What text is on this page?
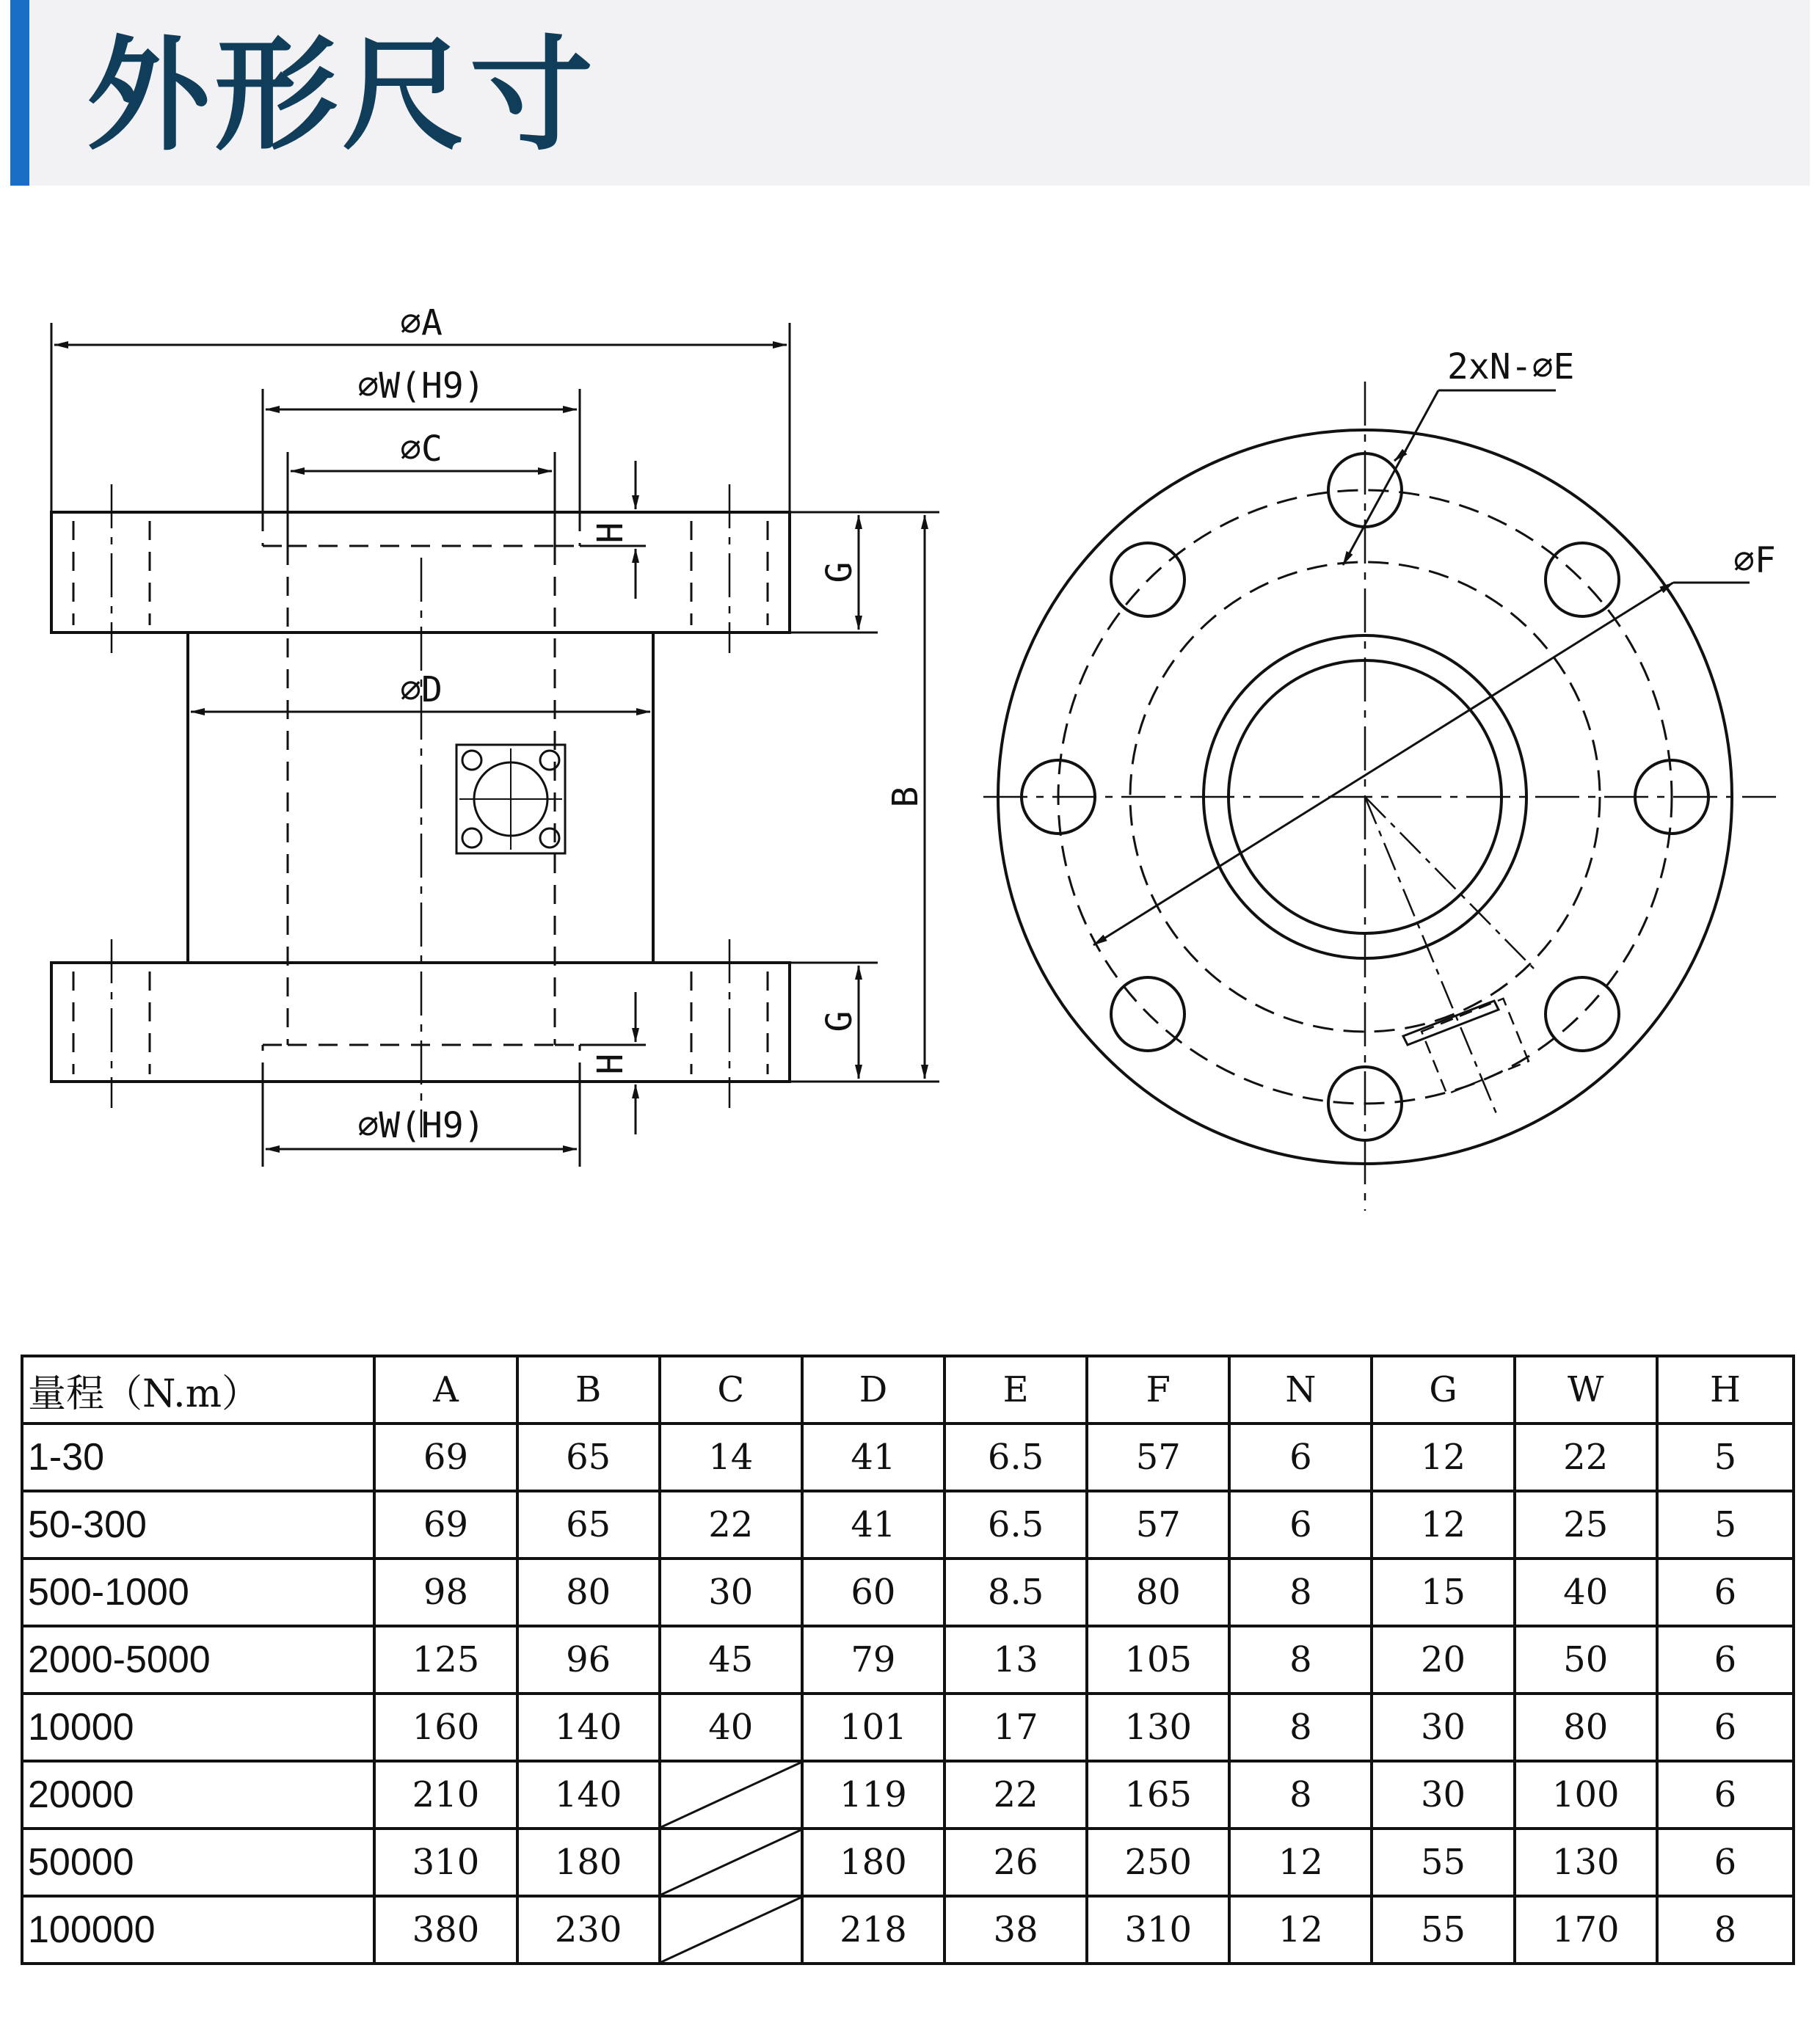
外形尺寸
⌀A
⌀W(H9)
⌀C
⌀D
⌀W(H9)
H
H
G
G
B
2xN-⌀E
⌀F
量程（N.m）	A	B	C	D	E	F	N	G	W	H
1-30	69	65	14	41	6.5	57	6	12	22	5
50-300	69	65	22	41	6.5	57	6	12	25	5
500-1000	98	80	30	60	8.5	80	8	15	40	6
2000-5000	125	96	45	79	13	105	8	20	50	6
10000	160	140	40	101	17	130	8	30	80	6
20000	210	140		119	22	165	8	30	100	6
50000	310	180		180	26	250	12	55	130	6
100000	380	230		218	38	310	12	55	170	8
